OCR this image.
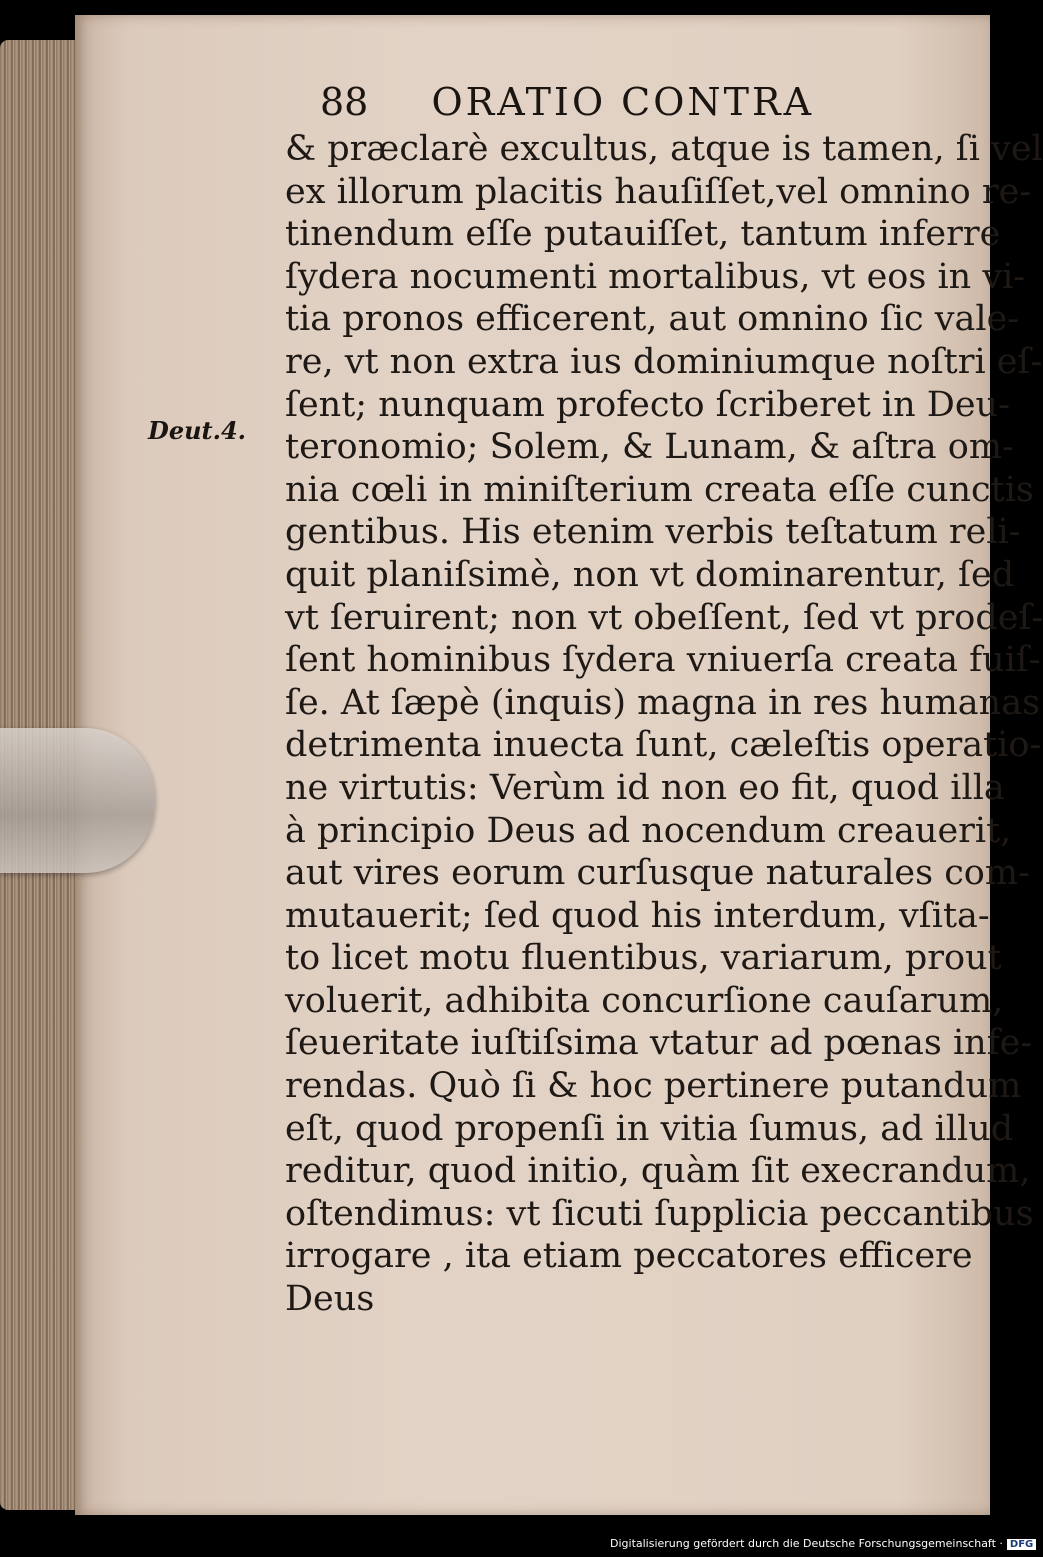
88 ORATIO CONTRA
Deut.4.
& præclarè excultus, atque is tamen, ſi vel
ex illorum placitis hauſiſſet,vel omnino re-
tinendum eſſe putauiſſet, tantum inferre
ſydera nocumenti mortalibus, vt eos in vi-
tia pronos efficerent, aut omnino ſic vale-
re, vt non extra ius dominiumque noſtri eſ-
ſent; nunquam profecto ſcriberet in Deu-
teronomio; Solem, & Lunam, & aſtra om-
nia cœli in miniſterium creata eſſe cunctis
gentibus. His etenim verbis teſtatum reli-
quit planiſsimè, non vt dominarentur, ſed
vt ſeruirent; non vt obeſſent, ſed vt prodeſ-
ſent hominibus ſydera vniuerſa creata fuiſ-
ſe. At ſæpè (inquis) magna in res humanas
detrimenta inuecta ſunt, cæleſtis operatio-
ne virtutis: Verùm id non eo fit, quod illa
à principio Deus ad nocendum creauerit,
aut vires eorum curſusque naturales com-
mutauerit; ſed quod his interdum, vſita-
to licet motu fluentibus, variarum, prout
voluerit, adhibita concurſione cauſarum,
ſeueritate iuſtiſsima vtatur ad pœnas infe-
rendas. Quò ſi & hoc pertinere putandum
eſt, quod propenſi in vitia ſumus, ad illud
reditur, quod initio, quàm ſit execrandum,
oſtendimus: vt ſicuti ſupplicia peccantibus
irrogare , ita etiam peccatores efficere
Deus
Digitalisierung gefördert durch die Deutsche Forschungsgemeinschaft · DFG
